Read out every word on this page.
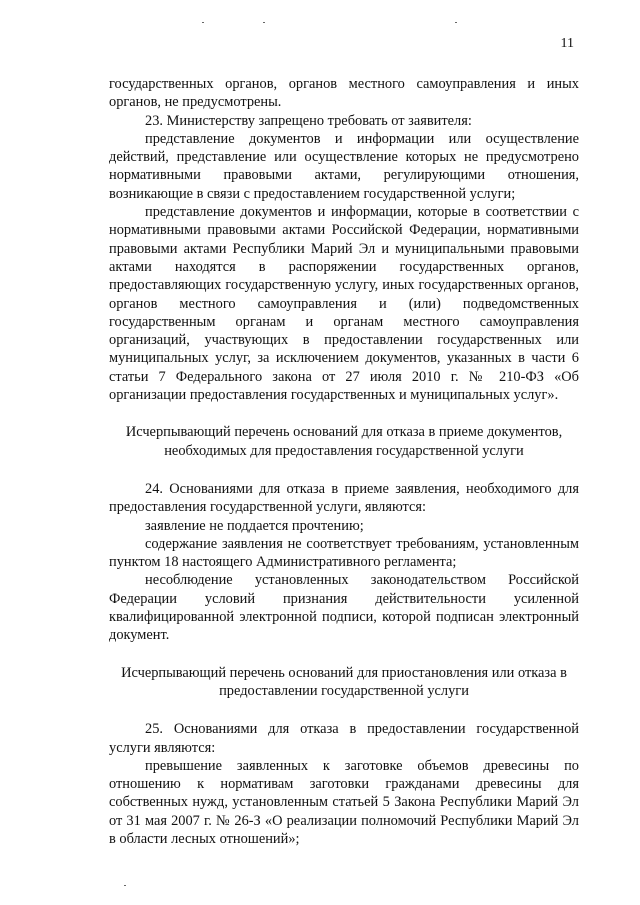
11

государственных органов, органов местного самоуправления и иных органов, не предусмотрены.

23. Министерству запрещено требовать от заявителя:

представление документов и информации или осуществление действий, представление или осуществление которых не предусмотрено нормативными правовыми актами, регулирующими отношения, возникающие в связи с предоставлением государственной услуги;

представление документов и информации, которые в соответствии с нормативными правовыми актами Российской Федерации, нормативными правовыми актами Республики Марий Эл и муниципальными правовыми актами находятся в распоряжении государственных органов, предоставляющих государственную услугу, иных государственных органов, органов местного самоуправления и (или) подведомственных государственным органам и органам местного самоуправления организаций, участвующих в предоставлении государственных или муниципальных услуг, за исключением документов, указанных в части 6 статьи 7 Федерального закона от 27 июля 2010 г. № 210-ФЗ «Об организации предоставления государственных и муниципальных услуг».

Исчерпывающий перечень оснований для отказа в приеме документов, необходимых для предоставления государственной услуги

24. Основаниями для отказа в приеме заявления, необходимого для предоставления государственной услуги, являются:

заявление не поддается прочтению;

содержание заявления не соответствует требованиям, установленным пунктом 18 настоящего Административного регламента;

несоблюдение установленных законодательством Российской Федерации условий признания действительности усиленной квалифицированной электронной подписи, которой подписан электронный документ.

Исчерпывающий перечень оснований для приостановления или отказа в предоставлении государственной услуги

25. Основаниями для отказа в предоставлении государственной услуги являются:

превышение заявленных к заготовке объемов древесины по отношению к нормативам заготовки гражданами древесины для собственных нужд, установленным статьей 5 Закона Республики Марий Эл от 31 мая 2007 г. № 26-З «О реализации полномочий Республики Марий Эл в области лесных отношений»;
